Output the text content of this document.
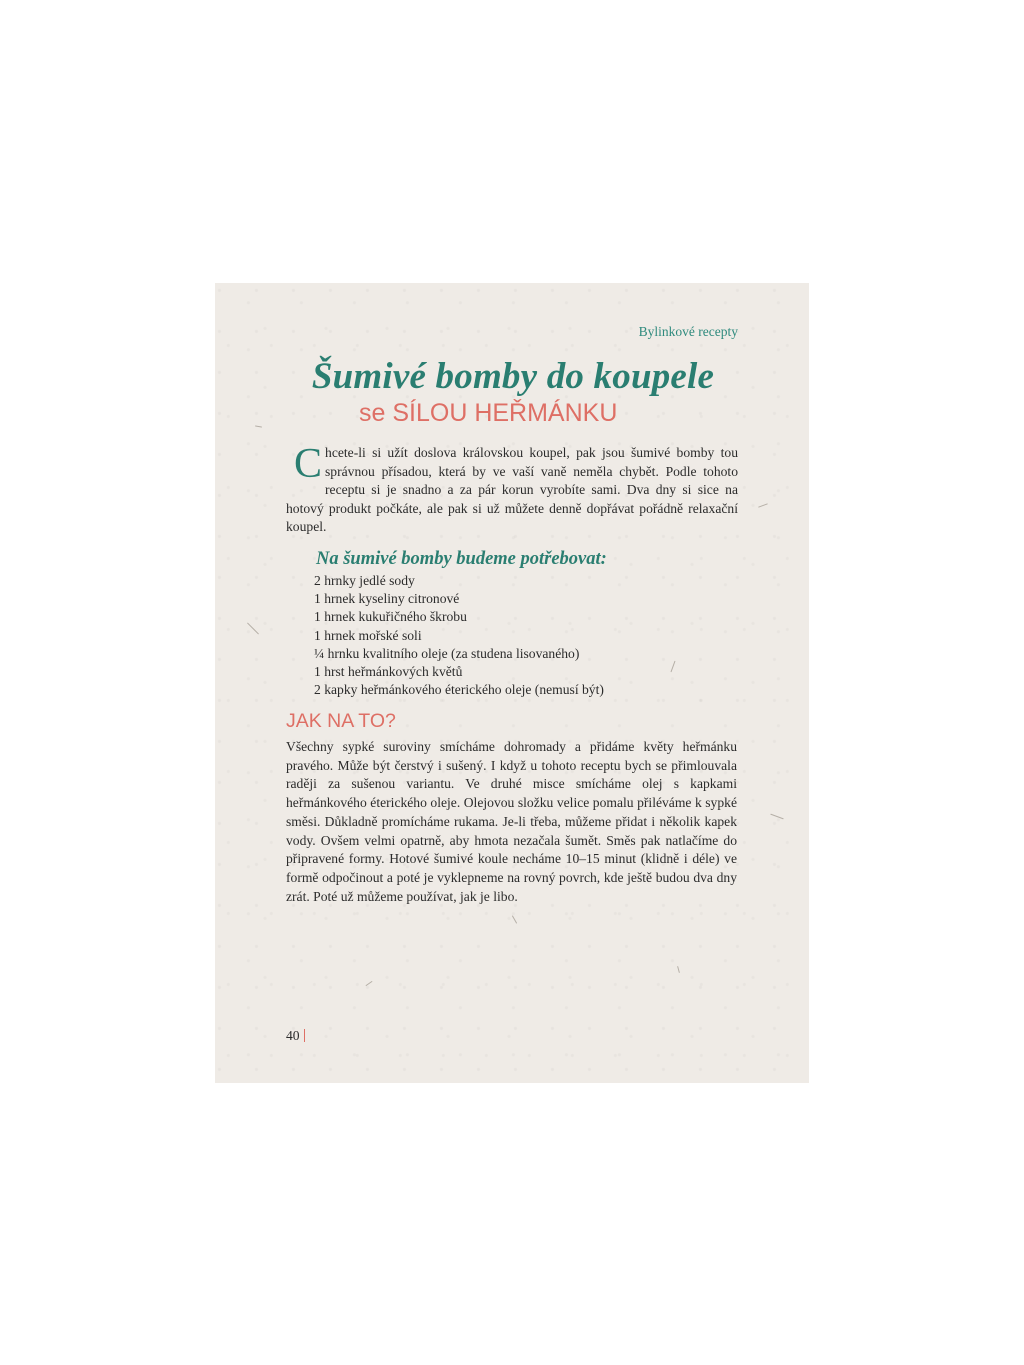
Bylinkové recepty
Šumivé bomby do koupele
se SÍLOU HEŘMÁNKU
Chcete-li si užít doslova královskou koupel, pak jsou šumivé bomby tou správnou přísadou, která by ve vaší vaně neměla chybět. Podle tohoto receptu si je snadno a za pár korun vyrobíte sami. Dva dny si sice na hotový produkt počkáte, ale pak si už můžete denně dopřávat pořádně relaxační koupel.
Na šumivé bomby budeme potřebovat:
2 hrnky jedlé sody
1 hrnek kyseliny citronové
1 hrnek kukuřičného škrobu
1 hrnek mořské soli
¼ hrnku kvalitního oleje (za studena lisovaného)
1 hrst heřmánkových květů
2 kapky heřmánkového éterického oleje (nemusí být)
JAK NA TO?
Všechny sypké suroviny smícháme dohromady a přidáme květy heřmánku pravého. Může být čerstvý i sušený. I když u tohoto receptu bych se přimlouvala raději za sušenou variantu. Ve druhé misce smícháme olej s kapkami heřmánkového éterického oleje. Olejovou složku velice pomalu přiléváme k sypké směsi. Důkladně promícháme rukama. Je-li třeba, můžeme přidat i několik kapek vody. Ovšem velmi opatrně, aby hmota nezačala šumět. Směs pak natlačíme do připravené formy. Hotové šumivé koule necháme 10–15 minut (klidně i déle) ve formě odpočinout a poté je vyklepneme na rovný povrch, kde ještě budou dva dny zrát. Poté už můžeme používat, jak je libo.
40
